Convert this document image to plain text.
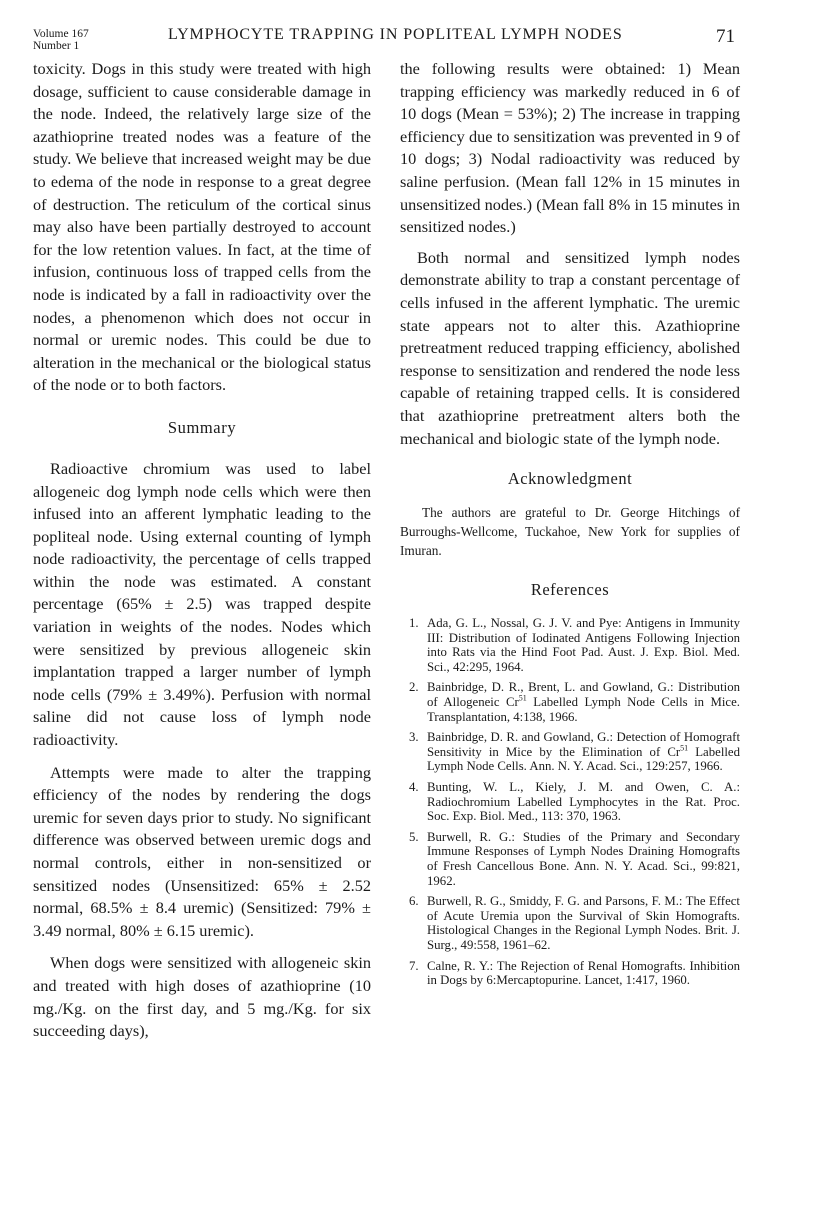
Volume 167
Number 1
LYMPHOCYTE TRAPPING IN POPLITEAL LYMPH NODES	71

toxicity. Dogs in this study were treated with high dosage, sufficient to cause considerable damage in the node. Indeed, the relatively large size of the azathioprine treated nodes was a feature of the study. We believe that increased weight may be due to edema of the node in response to a great degree of destruction. The reticulum of the cortical sinus may also have been partially destroyed to account for the low retention values. In fact, at the time of infusion, continuous loss of trapped cells from the node is indicated by a fall in radioactivity over the nodes, a phenomenon which does not occur in normal or uremic nodes. This could be due to alteration in the mechanical or the biological status of the node or to both factors.

Summary

Radioactive chromium was used to label allogeneic dog lymph node cells which were then infused into an afferent lymphatic leading to the popliteal node. Using external counting of lymph node radioactivity, the percentage of cells trapped within the node was estimated. A constant percentage (65% ± 2.5) was trapped despite variation in weights of the nodes. Nodes which were sensitized by previous allogeneic skin implantation trapped a larger number of lymph node cells (79% ± 3.49%). Perfusion with normal saline did not cause loss of lymph node radioactivity.

Attempts were made to alter the trapping efficiency of the nodes by rendering the dogs uremic for seven days prior to study. No significant difference was observed between uremic dogs and normal controls, either in non-sensitized or sensitized nodes (Unsensitized: 65% ± 2.52 normal, 68.5% ± 8.4 uremic) (Sensitized: 79% ± 3.49 normal, 80% ± 6.15 uremic).

When dogs were sensitized with allogeneic skin and treated with high doses of azathioprine (10 mg./Kg. on the first day, and 5 mg./Kg. for six succeeding days),

the following results were obtained: 1) Mean trapping efficiency was markedly reduced in 6 of 10 dogs (Mean = 53%); 2) The increase in trapping efficiency due to sensitization was prevented in 9 of 10 dogs; 3) Nodal radioactivity was reduced by saline perfusion. (Mean fall 12% in 15 minutes in unsensitized nodes.) (Mean fall 8% in 15 minutes in sensitized nodes.)

Both normal and sensitized lymph nodes demonstrate ability to trap a constant percentage of cells infused in the afferent lymphatic. The uremic state appears not to alter this. Azathioprine pretreatment reduced trapping efficiency, abolished response to sensitization and rendered the node less capable of retaining trapped cells. It is considered that azathioprine pretreatment alters both the mechanical and biologic state of the lymph node.

Acknowledgment

The authors are grateful to Dr. George Hitchings of Burroughs-Wellcome, Tuckahoe, New York for supplies of Imuran.

References
1. Ada, G. L., Nossal, G. J. V. and Pye: Antigens in Immunity III: Distribution of Iodinated Antigens Following Injection into Rats via the Hind Foot Pad. Aust. J. Exp. Biol. Med. Sci., 42:295, 1964.
2. Bainbridge, D. R., Brent, L. and Gowland, G.: Distribution of Allogeneic Cr$^{51}$ Labelled Lymph Node Cells in Mice. Transplantation, 4:138, 1966.
3. Bainbridge, D. R. and Gowland, G.: Detection of Homograft Sensitivity in Mice by the Elimination of Cr$^{51}$ Labelled Lymph Node Cells. Ann. N. Y. Acad. Sci., 129:257, 1966.
4. Bunting, W. L., Kiely, J. M. and Owen, C. A.: Radiochromium Labelled Lymphocytes in the Rat. Proc. Soc. Exp. Biol. Med., 113: 370, 1963.
5. Burwell, R. G.: Studies of the Primary and Secondary Immune Responses of Lymph Nodes Draining Homografts of Fresh Cancellous Bone. Ann. N. Y. Acad. Sci., 99:821, 1962.
6. Burwell, R. G., Smiddy, F. G. and Parsons, F. M.: The Effect of Acute Uremia upon the Survival of Skin Homografts. Histological Changes in the Regional Lymph Nodes. Brit. J. Surg., 49:558, 1961–62.
7. Calne, R. Y.: The Rejection of Renal Homografts. Inhibition in Dogs by 6:Mercaptopurine. Lancet, 1:417, 1960.
